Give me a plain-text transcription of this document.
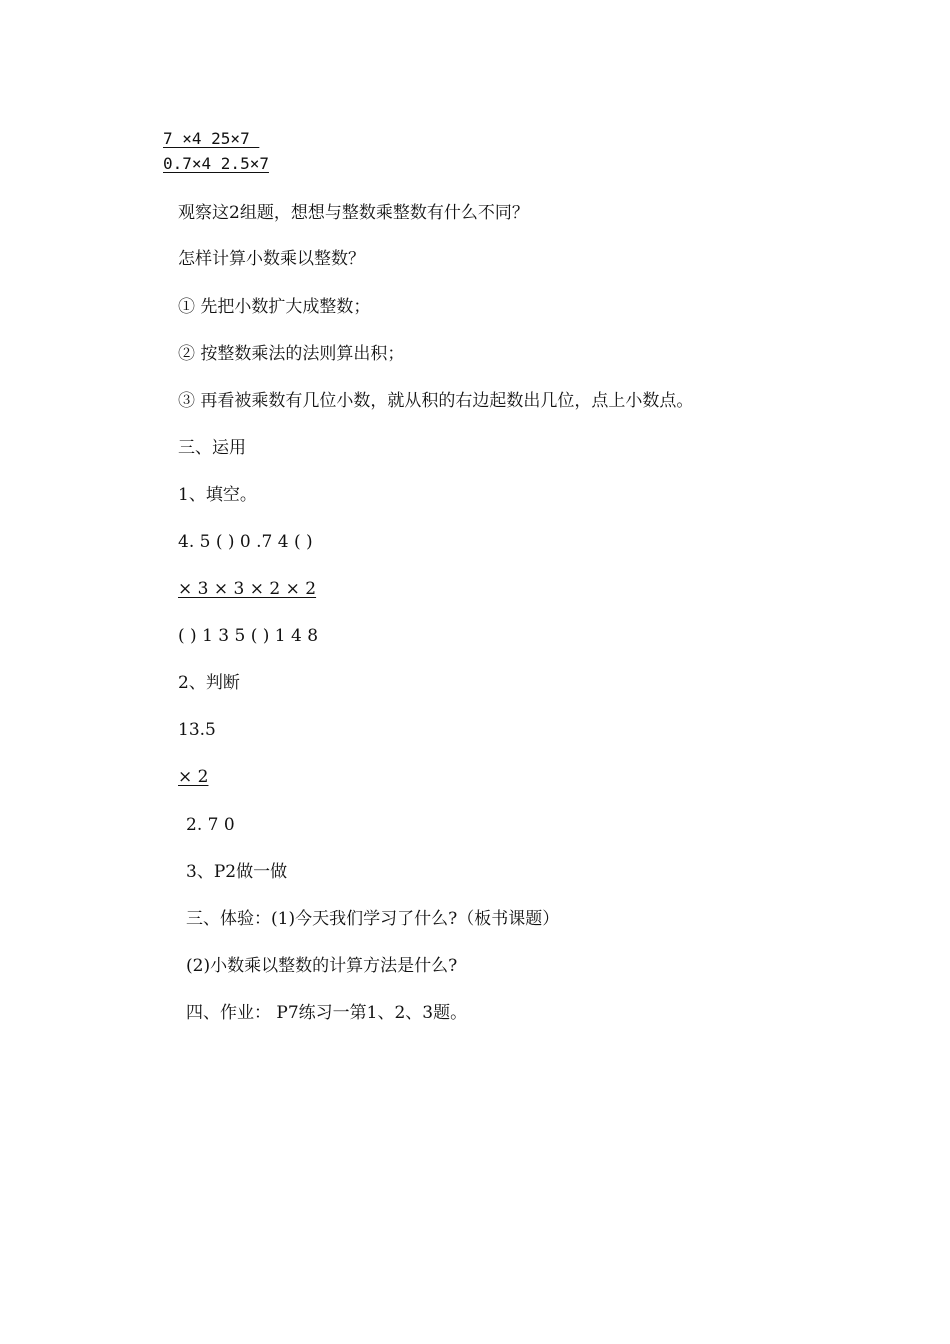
7 ×4 25×7

0.7×4 2.5×7

观察这2组题，想想与整数乘整数有什么不同？

怎样计算小数乘以整数？

① 先把小数扩大成整数；

② 按整数乘法的法则算出积；

③ 再看被乘数有几位小数，就从积的右边起数出几位，点上小数点。

三、运用

1、填空。

4. 5 ( ) 0 .7 4 ( )

× 3 × 3 × 2 × 2

( ) 1 3 5 ( ) 1 4 8

2、判断

13.5

× 2

2. 7 0

3、P2做一做

三、体验：(1)今天我们学习了什么?（板书课题）

(2)小数乘以整数的计算方法是什么?

四、作业： P7练习一第1、2、3题。
